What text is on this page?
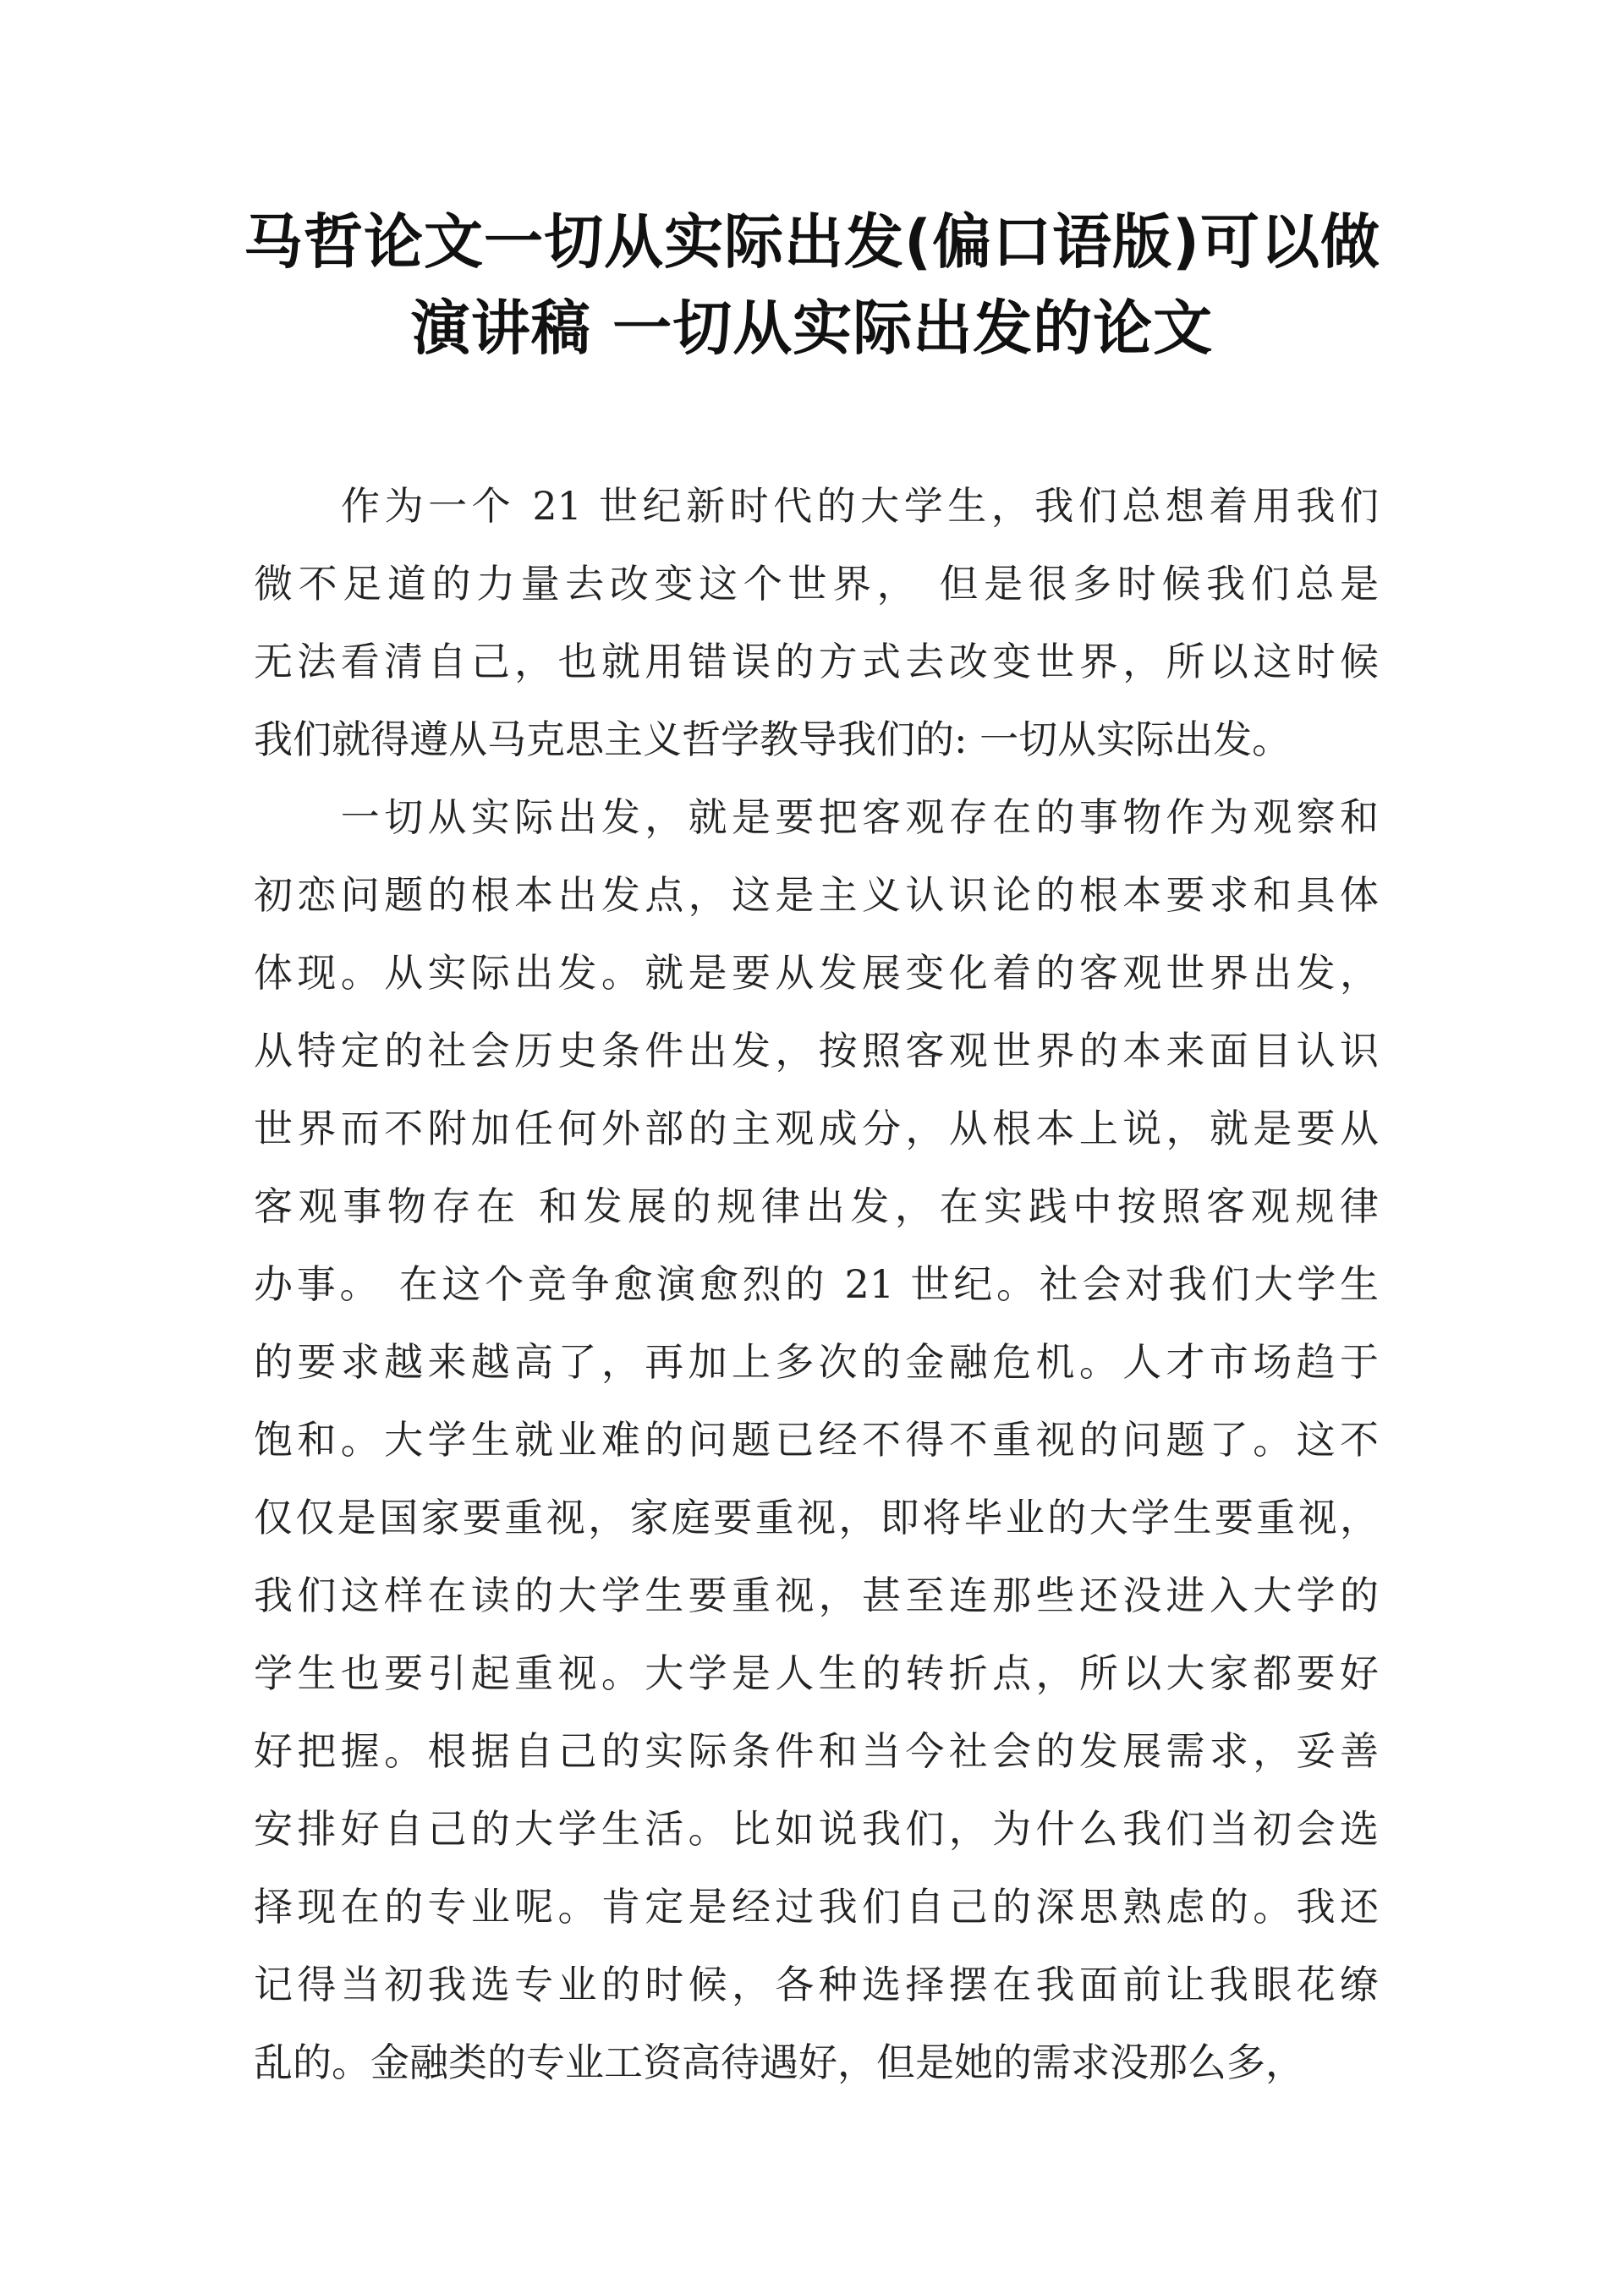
马哲论文一切从实际出发(偏口语版)可以做
演讲稿 一切从实际出发的论文
　　作为一个 21 世纪新时代的大学生，我们总想着用我们
微不足道的力量去改变这个世界， 但是很多时候我们总是
无法看清自己，也就用错误的方式去改变世界，所以这时候
我们就得遵从马克思主义哲学教导我们的: 一切从实际出发。
　　一切从实际出发，就是要把客观存在的事物作为观察和
初恋问题的根本出发点，这是主义认识论的根本要求和具体
体现。从实际出发。就是要从发展变化着的客观世界出发，
从特定的社会历史条件出发，按照客观世界的本来面目认识
世界而不附加任何外部的主观成分，从根本上说，就是要从
客观事物存在 和发展的规律出发，在实践中按照客观规律
办事。 在这个竞争愈演愈烈的 21 世纪。社会对我们大学生
的要求越来越高了，再加上多次的金融危机。人才市场趋于
饱和。大学生就业难的问题已经不得不重视的问题了。这不
仅仅是国家要重视，家庭要重视，即将毕业的大学生要重视，
我们这样在读的大学生要重视，甚至连那些还没进入大学的
学生也要引起重视。大学是人生的转折点，所以大家都要好
好把握。根据自己的实际条件和当今社会的发展需求，妥善
安排好自己的大学生活。比如说我们，为什么我们当初会选
择现在的专业呢。肯定是经过我们自己的深思熟虑的。我还
记得当初我选专业的时候，各种选择摆在我面前让我眼花缭
乱的。金融类的专业工资高待遇好，但是她的需求没那么多，
